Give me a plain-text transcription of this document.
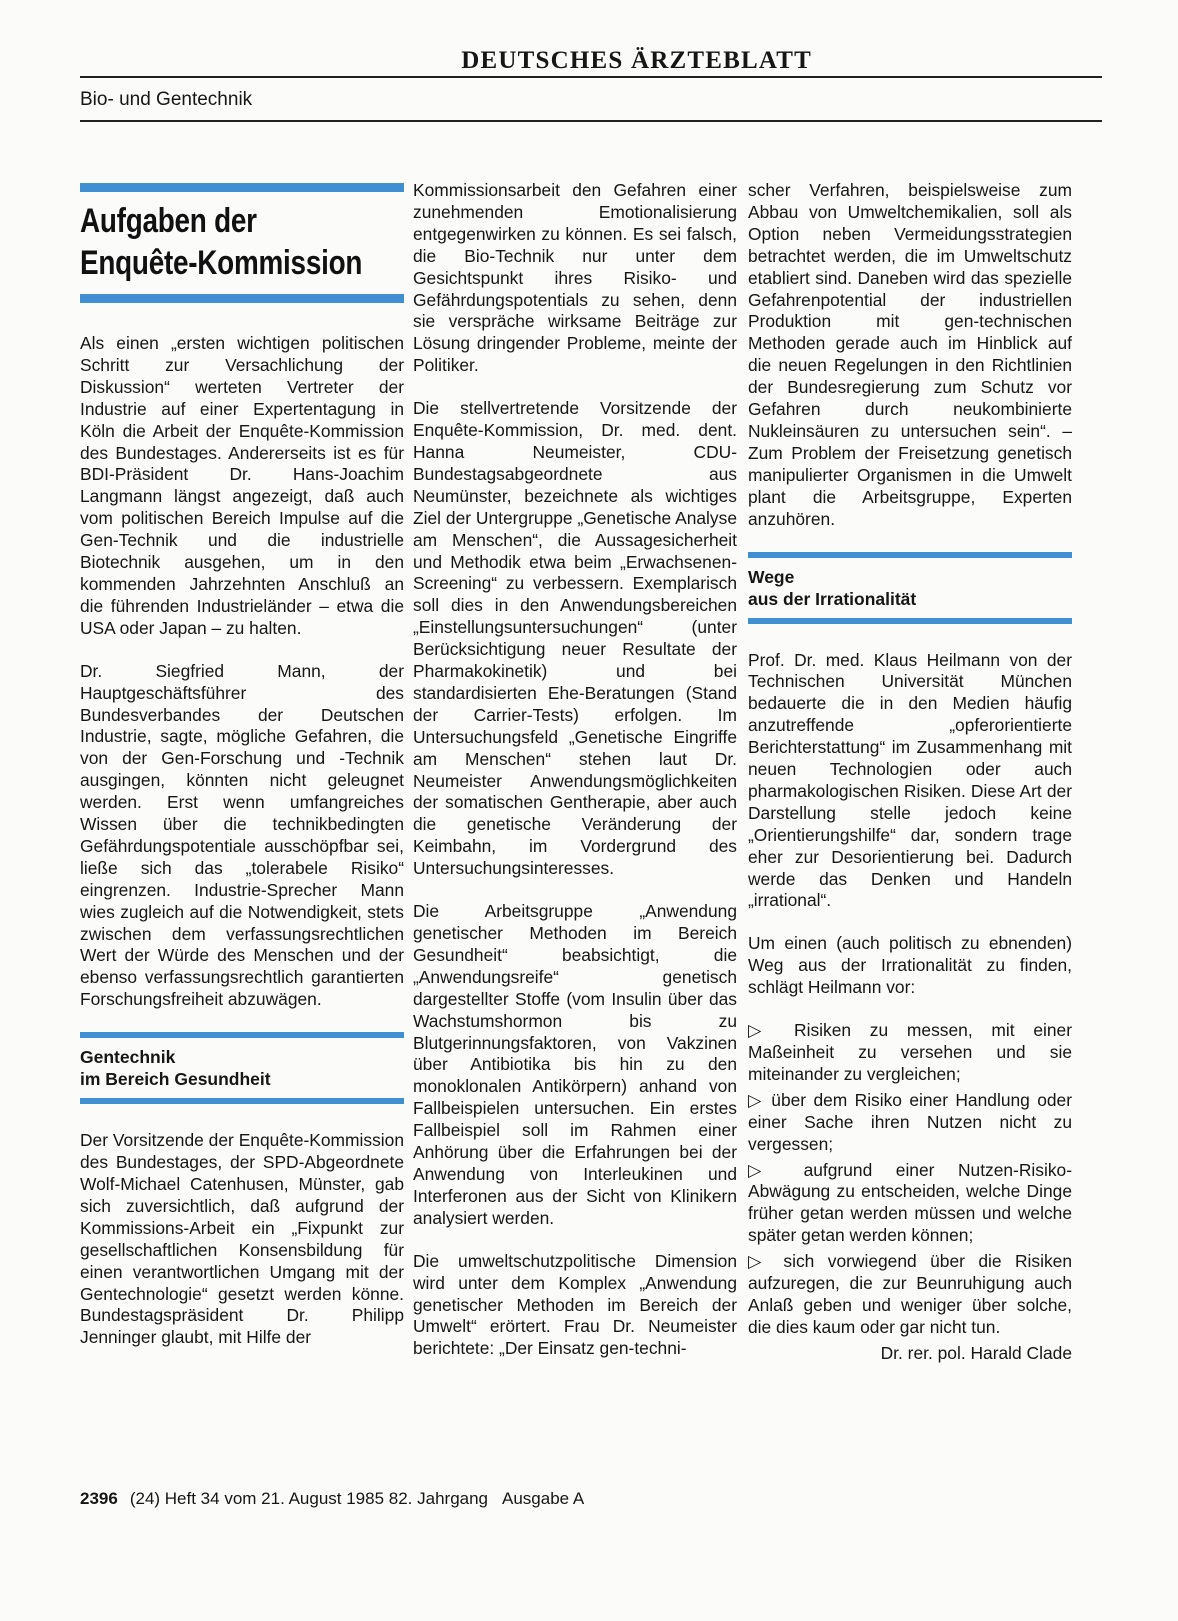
DEUTSCHES ÄRZTEBLATT
Bio- und Gentechnik
Aufgaben der
Enquête-Kommission

Als einen „ersten wichtigen politischen Schritt zur Versachlichung der Diskussion“ werteten Vertreter der Industrie auf einer Expertentagung in Köln die Arbeit der Enquête-Kommission des Bundestages. Andererseits ist es für BDI-Präsident Dr. Hans-Joachim Langmann längst angezeigt, daß auch vom politischen Bereich Impulse auf die Gen-Technik und die industrielle Biotechnik ausgehen, um in den kommenden Jahrzehnten Anschluß an die führenden Industrieländer – etwa die USA oder Japan – zu halten.

Dr. Siegfried Mann, der Hauptgeschäftsführer des Bundesverbandes der Deutschen Industrie, sagte, mögliche Gefahren, die von der Gen-Forschung und -Technik ausgingen, könnten nicht geleugnet werden. Erst wenn umfangreiches Wissen über die technikbedingten Gefährdungspotentiale ausschöpfbar sei, ließe sich das „tolerabele Risiko“ eingrenzen. Industrie-Sprecher Mann wies zugleich auf die Notwendigkeit, stets zwischen dem verfassungsrechtlichen Wert der Würde des Menschen und der ebenso verfassungsrechtlich garantierten Forschungsfreiheit abzuwägen.

Gentechnik
im Bereich Gesundheit

Der Vorsitzende der Enquête-Kommission des Bundestages, der SPD-Abgeordnete Wolf-Michael Catenhusen, Münster, gab sich zuversichtlich, daß aufgrund der Kommissions-Arbeit ein „Fixpunkt zur gesellschaftlichen Konsensbildung für einen verantwortlichen Umgang mit der Gentechnologie“ gesetzt werden könne. Bundestagspräsident Dr. Philipp Jenninger glaubt, mit Hilfe der

Kommissionsarbeit den Gefahren einer zunehmenden Emotionalisierung entgegenwirken zu können. Es sei falsch, die Bio-Technik nur unter dem Gesichtspunkt ihres Risiko- und Gefährdungspotentials zu sehen, denn sie verspräche wirksame Beiträge zur Lösung dringender Probleme, meinte der Politiker.

Die stellvertretende Vorsitzende der Enquête-Kommission, Dr. med. dent. Hanna Neumeister, CDU-Bundestagsabgeordnete aus Neumünster, bezeichnete als wichtiges Ziel der Untergruppe „Genetische Analyse am Menschen“, die Aussagesicherheit und Methodik etwa beim „Erwachsenen-Screening“ zu verbessern. Exemplarisch soll dies in den Anwendungsbereichen „Einstellungsuntersuchungen“ (unter Berücksichtigung neuer Resultate der Pharmakokinetik) und bei standardisierten Ehe-Beratungen (Stand der Carrier-Tests) erfolgen. Im Untersuchungsfeld „Genetische Eingriffe am Menschen“ stehen laut Dr. Neumeister Anwendungsmöglichkeiten der somatischen Gentherapie, aber auch die genetische Veränderung der Keimbahn, im Vordergrund des Untersuchungsinteresses.

Die Arbeitsgruppe „Anwendung genetischer Methoden im Bereich Gesundheit“ beabsichtigt, die „Anwendungsreife“ genetisch dargestellter Stoffe (vom Insulin über das Wachstumshormon bis zu Blutgerinnungsfaktoren, von Vakzinen über Antibiotika bis hin zu den monoklonalen Antikörpern) anhand von Fallbeispielen untersuchen. Ein erstes Fallbeispiel soll im Rahmen einer Anhörung über die Erfahrungen bei der Anwendung von Interleukinen und Interferonen aus der Sicht von Klinikern analysiert werden.

Die umweltschutzpolitische Dimension wird unter dem Komplex „Anwendung genetischer Methoden im Bereich der Umwelt“ erörtert. Frau Dr. Neumeister berichtete: „Der Einsatz gen-techni-

scher Verfahren, beispielsweise zum Abbau von Umweltchemikalien, soll als Option neben Vermeidungsstrategien betrachtet werden, die im Umweltschutz etabliert sind. Daneben wird das spezielle Gefahrenpotential der industriellen Produktion mit gen-technischen Methoden gerade auch im Hinblick auf die neuen Regelungen in den Richtlinien der Bundesregierung zum Schutz vor Gefahren durch neukombinierte Nukleinsäuren zu untersuchen sein“. – Zum Problem der Freisetzung genetisch manipulierter Organismen in die Umwelt plant die Arbeitsgruppe, Experten anzuhören.

Wege
aus der Irrationalität

Prof. Dr. med. Klaus Heilmann von der Technischen Universität München bedauerte die in den Medien häufig anzutreffende „opferorientierte Berichterstattung“ im Zusammenhang mit neuen Technologien oder auch pharmakologischen Risiken. Diese Art der Darstellung stelle jedoch keine „Orientierungshilfe“ dar, sondern trage eher zur Desorientierung bei. Dadurch werde das Denken und Handeln „irrational“.

Um einen (auch politisch zu ebnenden) Weg aus der Irrationalität zu finden, schlägt Heilmann vor:

▷ Risiken zu messen, mit einer Maßeinheit zu versehen und sie miteinander zu vergleichen;

▷ über dem Risiko einer Handlung oder einer Sache ihren Nutzen nicht zu vergessen;

▷ aufgrund einer Nutzen-Risiko-Abwägung zu entscheiden, welche Dinge früher getan werden müssen und welche später getan werden können;

▷ sich vorwiegend über die Risiken aufzuregen, die zur Beunruhigung auch Anlaß geben und weniger über solche, die dies kaum oder gar nicht tun.

Dr. rer. pol. Harald Clade

2396 (24) Heft 34 vom 21. August 1985 82. Jahrgang Ausgabe A
